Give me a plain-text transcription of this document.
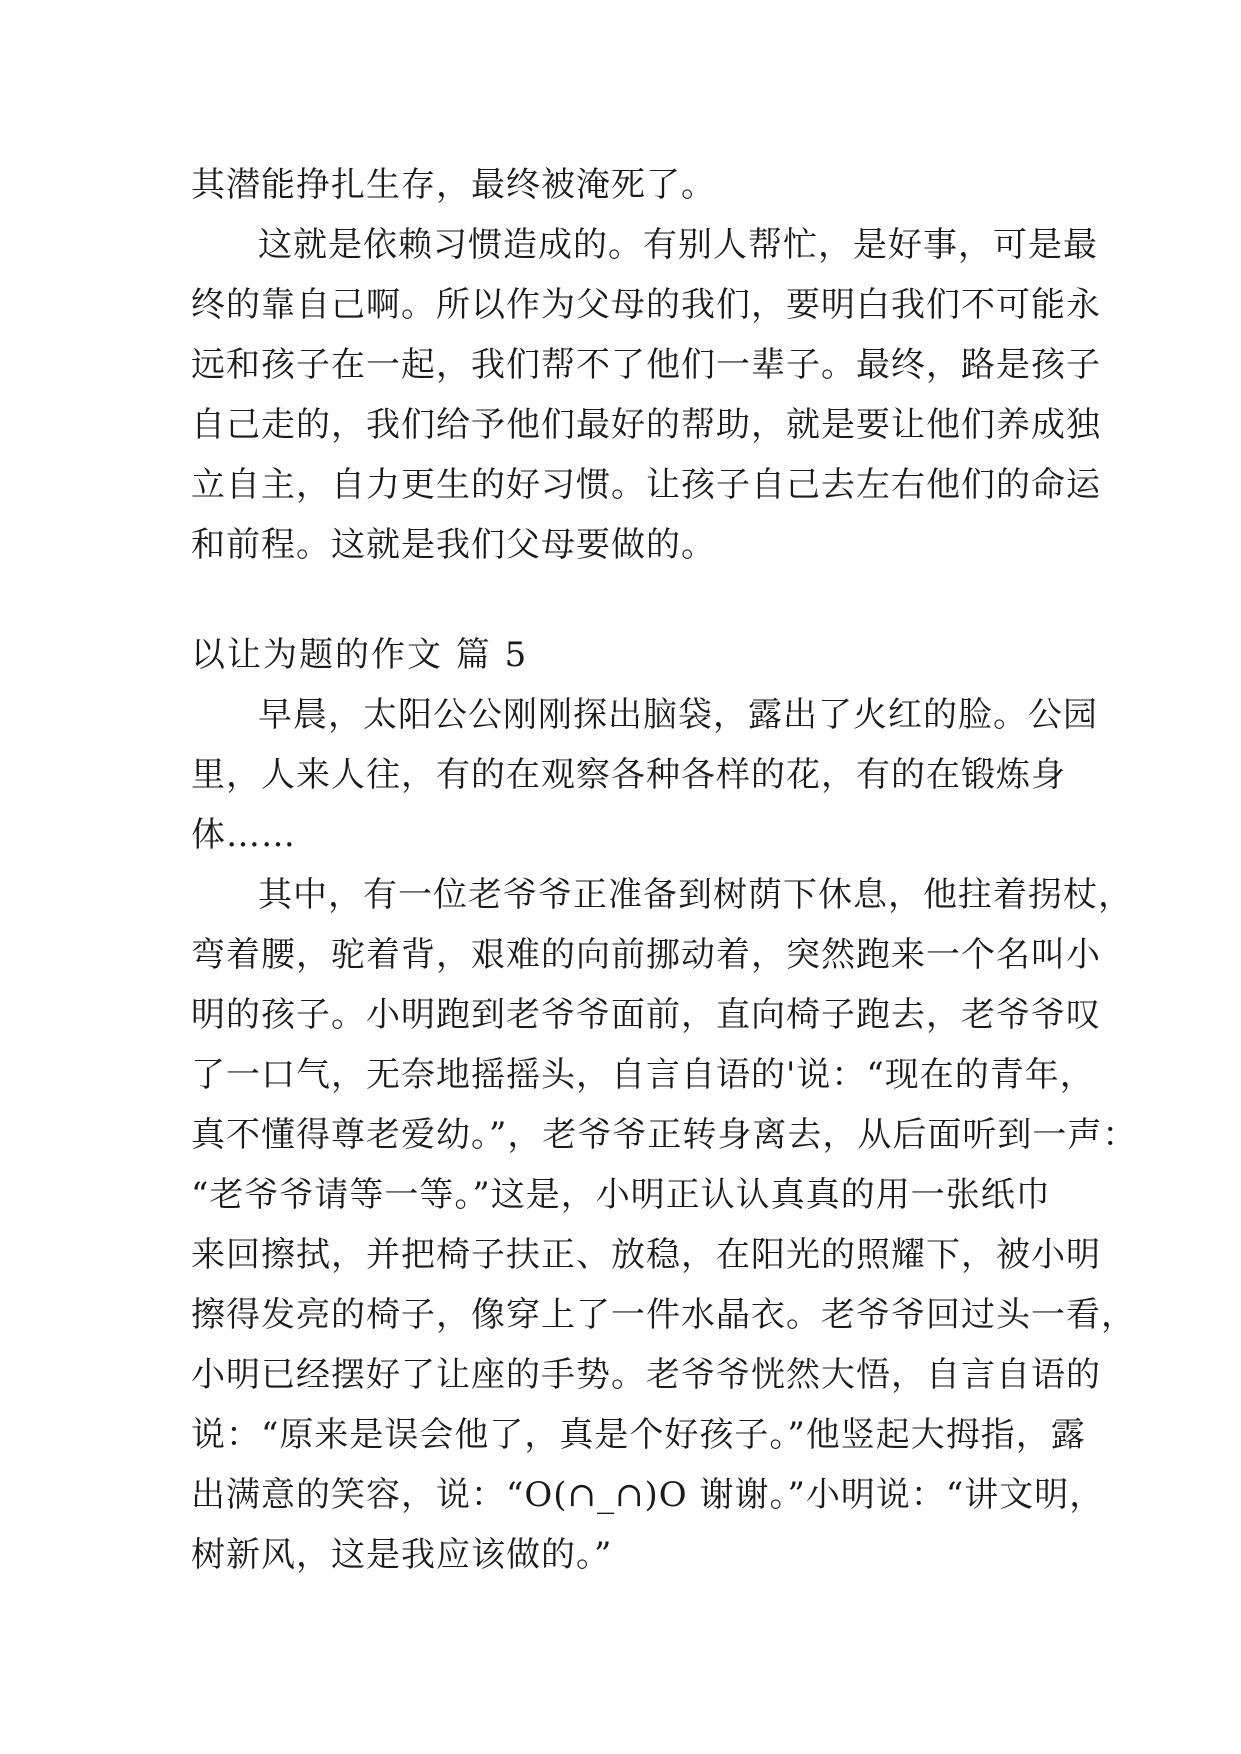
其潜能挣扎生存，最终被淹死了。
这就是依赖习惯造成的。有别人帮忙，是好事，可是最
终的靠自己啊。所以作为父母的我们，要明白我们不可能永
远和孩子在一起，我们帮不了他们一辈子。最终，路是孩子
自己走的，我们给予他们最好的帮助，就是要让他们养成独
立自主，自力更生的好习惯。让孩子自己去左右他们的命运
和前程。这就是我们父母要做的。
以让为题的作文 篇 5
早晨，太阳公公刚刚探出脑袋，露出了火红的脸。公园
里，人来人往，有的在观察各种各样的花，有的在锻炼身
体……
其中，有一位老爷爷正准备到树荫下休息，他拄着拐杖，
弯着腰，驼着背，艰难的向前挪动着，突然跑来一个名叫小
明的孩子。小明跑到老爷爷面前，直向椅子跑去，老爷爷叹
了一口气，无奈地摇摇头，自言自语的'说：“现在的青年，
真不懂得尊老爱幼。”，老爷爷正转身离去，从后面听到一声：
“老爷爷请等一等。”这是，小明正认认真真的用一张纸巾
来回擦拭，并把椅子扶正、放稳，在阳光的照耀下，被小明
擦得发亮的椅子，像穿上了一件水晶衣。老爷爷回过头一看，
小明已经摆好了让座的手势。老爷爷恍然大悟，自言自语的
说：“原来是误会他了，真是个好孩子。”他竖起大拇指，露
出满意的笑容，说：“O(∩_∩)O 谢谢。”小明说：“讲文明，
树新风，这是我应该做的。”
